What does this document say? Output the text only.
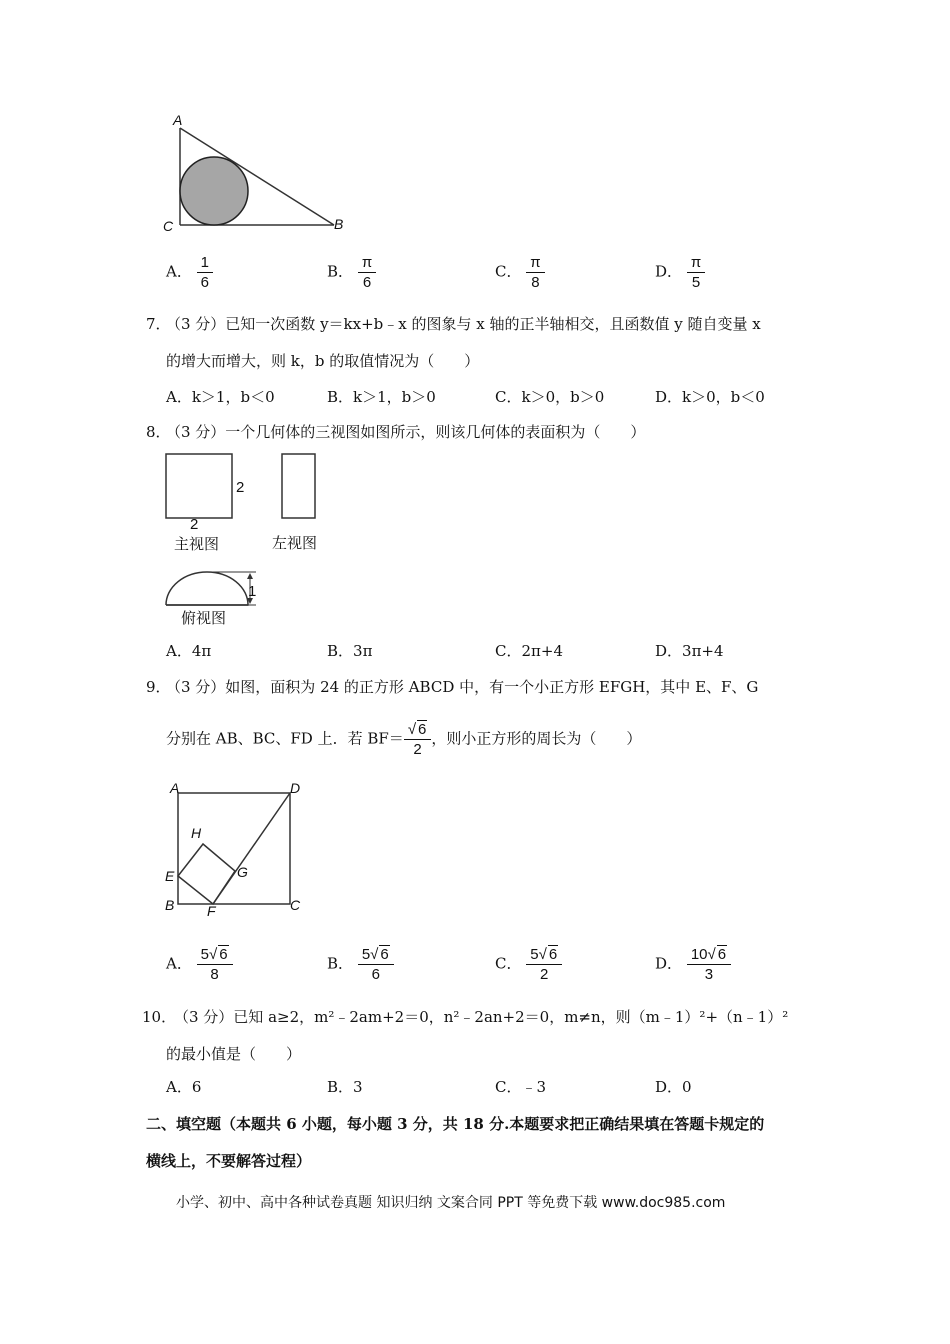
A
C	B
A． $\frac{1}{6}$	B． $\frac{\pi}{6}$	C． $\frac{\pi}{8}$	D． $\frac{\pi}{5}$
7．
（3 分）已知一次函数 y＝kx+b﹣x 的图象与 x 轴的正半轴相交，且函数值 y 随自变量 x
的增大而增大，则 k，b 的取值情况为（　　）
A．k＞1，b＜0	B．k＞1，b＞0	C．k＞0，b＞0	D．k＞0，b＜0
8．
（3 分）一个几何体的三视图如图所示，则该几何体的表面积为（　　）
2
2
主视图	左视图
1
俯视图
A．4π	B．3π	C．2π+4	D．3π+4
9．
（3 分）如图，面积为 24 的正方形 ABCD 中，有一个小正方形 EFGH，其中 E、F、G
分别在 AB、BC、FD 上．若 $BF= \frac{√ 6}{2}$ ，则小正方形的周长为（　　）
A	D
H
E	G
B F	C
A． $\frac{5√ 6}{8}$	B． $\frac{5√ 6}{6}$	C． $\frac{5√ 6}{2}$	D． $\frac{10√ 6}{3}$
10．
（3 分）已知 a≥2，m²﹣2am+2＝0，n²﹣2an+2＝0，m≠n，则（m﹣1）²+（n﹣1）²
的最小值是（　　）
A．6	B．3	C．﹣3	D．0
二、填空题（本题共 6 小题，每小题 3 分，共 18 分.本题要求把正确结果填在答题卡规定的
横线上，不要解答过程）
小学、初中、高中各种试卷真题 知识归纳 文案合同 PPT 等免费下载 www.doc985.com
